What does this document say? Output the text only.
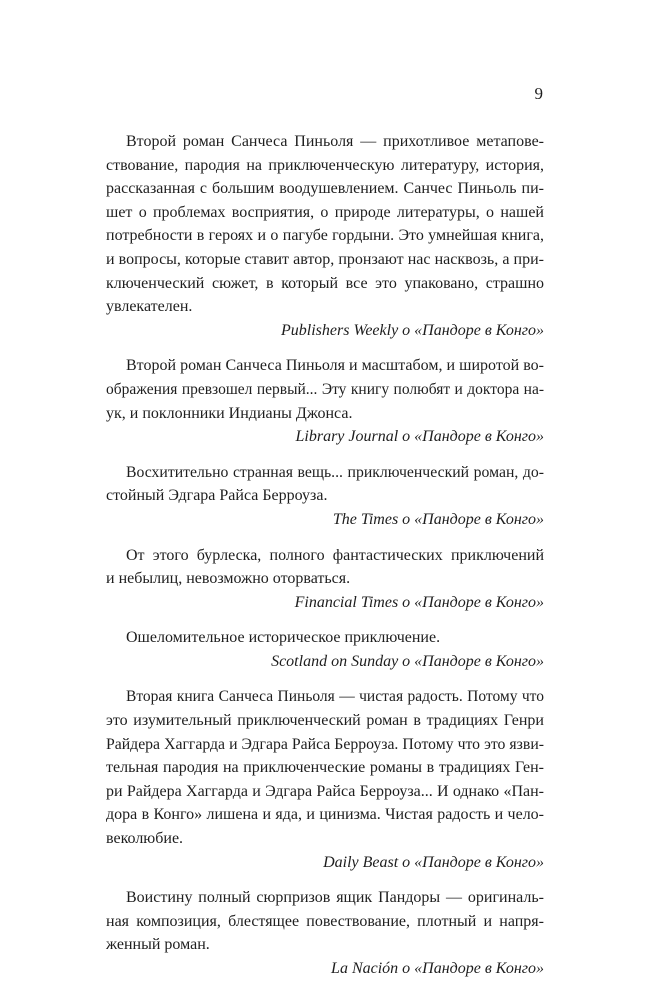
9

Второй роман Санчеса Пиньоля — прихотливое метапове-
ствование, пародия на приключенческую литературу, история,
рассказанная с большим воодушевлением. Санчес Пиньоль пи-
шет о проблемах восприятия, о природе литературы, о нашей
потребности в героях и о пагубе гордыни. Это умнейшая книга,
и вопросы, которые ставит автор, пронзают нас насквозь, а при-
ключенческий сюжет, в который все это упаковано, страшно
увлекателен.

Publishers Weekly о «Пандоре в Конго»

Второй роман Санчеса Пиньоля и масштабом, и широтой во-
ображения превзошел первый... Эту книгу полюбят и доктора на-
ук, и поклонники Индианы Джонса.

Library Journal о «Пандоре в Конго»

Восхитительно странная вещь... приключенческий роман, до-
стойный Эдгара Райса Берроуза.

The Times о «Пандоре в Конго»

От этого бурлеска, полного фантастических приключений
и небылиц, невозможно оторваться.

Financial Times о «Пандоре в Конго»

Ошеломительное историческое приключение.

Scotland on Sunday о «Пандоре в Конго»

Вторая книга Санчеса Пиньоля — чистая радость. Потому что
это изумительный приключенческий роман в традициях Генри
Райдера Хаггарда и Эдгара Райса Берроуза. Потому что это язви-
тельная пародия на приключенческие романы в традициях Ген-
ри Райдера Хаггарда и Эдгара Райса Берроуза... И однако «Пан-
дора в Конго» лишена и яда, и цинизма. Чистая радость и чело-
веколюбие.

Daily Beast о «Пандоре в Конго»

Воистину полный сюрпризов ящик Пандоры — оригиналь-
ная композиция, блестящее повествование, плотный и напря-
женный роман.

La Nación о «Пандоре в Конго»
